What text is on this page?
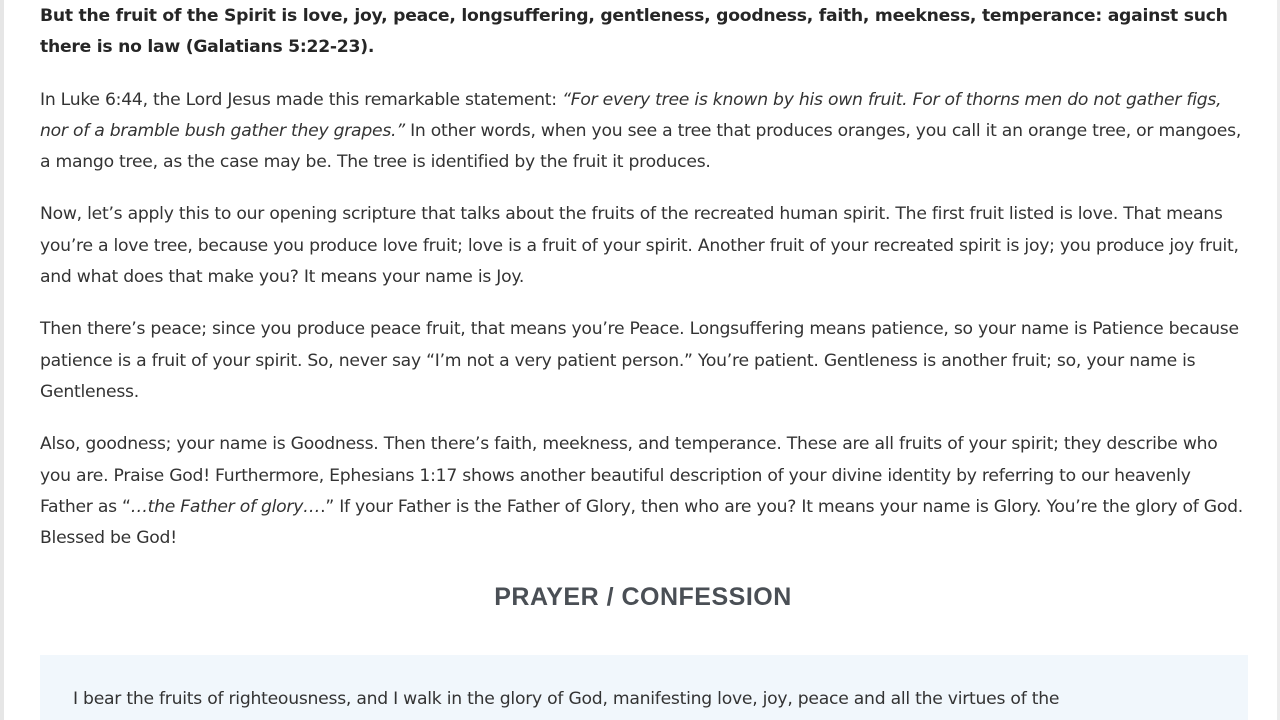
But the fruit of the Spirit is love, joy, peace, longsuffering, gentleness, goodness, faith, meekness, temperance: against such there is no law (Galatians 5:22-23).

In Luke 6:44, the Lord Jesus made this remarkable statement: “For every tree is known by his own fruit. For of thorns men do not gather figs, nor of a bramble bush gather they grapes.” In other words, when you see a tree that produces oranges, you call it an orange tree, or mangoes, a mango tree, as the case may be. The tree is identified by the fruit it produces.

Now, let’s apply this to our opening scripture that talks about the fruits of the recreated human spirit. The first fruit listed is love. That means you’re a love tree, because you produce love fruit; love is a fruit of your spirit. Another fruit of your recreated spirit is joy; you produce joy fruit, and what does that make you? It means your name is Joy.

Then there’s peace; since you produce peace fruit, that means you’re Peace. Longsuffering means patience, so your name is Patience because patience is a fruit of your spirit. So, never say “I’m not a very patient person.” You’re patient. Gentleness is another fruit; so, your name is Gentleness.

Also, goodness; your name is Goodness. Then there’s faith, meekness, and temperance. These are all fruits of your spirit; they describe who you are. Praise God! Furthermore, Ephesians 1:17 shows another beautiful description of your divine identity by referring to our heavenly Father as “…the Father of glory….” If your Father is the Father of Glory, then who are you? It means your name is Glory. You’re the glory of God. Blessed be God!

PRAYER / CONFESSION

I bear the fruits of righteousness, and I walk in the glory of God, manifesting love, joy, peace and all the virtues of the
